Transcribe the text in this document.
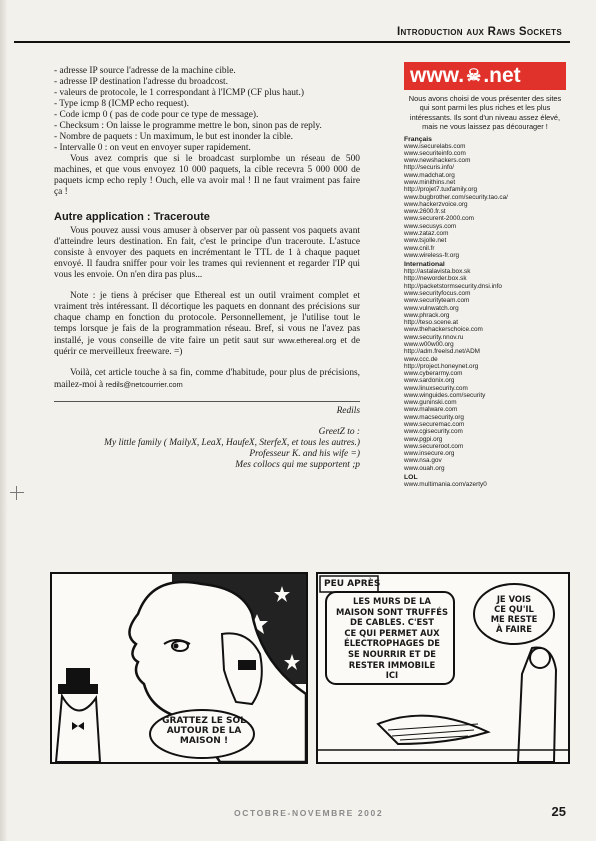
Introduction aux Raws Sockets

- adresse IP source l'adresse de la machine cible.

- adresse IP destination l'adresse du broadcost.

- valeurs de protocole, le 1 correspondant à l'ICMP (CF plus haut.)

- Type icmp 8 (ICMP echo request).

- Code icmp 0 ( pas de code pour ce type de message).

- Checksum : On laisse le programme mettre le bon, sinon pas de reply.

- Nombre de paquets : Un maximum, le but est inonder la cible.

- Intervalle 0 : on veut en envoyer super rapidement.

Vous avez compris que si le broadcast surplombe un réseau de 500 machines, et que vous envoyez 10 000 paquets, la cible recevra 5 000 000 de paquets icmp echo reply ! Ouch, elle va avoir mal ! Il ne faut vraiment pas faire ça !

Autre application : Traceroute

Vous pouvez aussi vous amuser à observer par où passent vos paquets avant d'atteindre leurs destination. En fait, c'est le principe d'un traceroute. L'astuce consiste à envoyer des paquets en incrémentant le TTL de 1 à chaque paquet envoyé. Il faudra sniffer pour voir les trames qui reviennent et regarder l'IP qui vous les envoie. On n'en dira pas plus...

Note : je tiens à préciser que Ethereal est un outil vraiment complet et vraiment très intéressant. Il décortique les paquets en donnant des précisions sur chaque champ en fonction du protocole. Personnellement, je l'utilise tout le temps lorsque je fais de la programmation réseau. Bref, si vous ne l'avez pas installé, je vous conseille de vite faire un petit saut sur www.ethereal.org et de quérir ce merveilleux freeware. =)

Voilà, cet article touche à sa fin, comme d'habitude, pour plus de précisions, mailez-moi à redils@netcourrier.com

Redils

GreetZ to :

My little family ( MailyX, LeaX, HaufeX, SterfeX, et tous les autres.)

Professeur K. and his wife =)

Mes collocs qui me supportent ;p

www. ☠ .net
Nous avons choisi de vous présenter des sites qui sont parmi les plus riches et les plus intéressants. Ils sont d'un niveau assez élevé, mais ne vous laissez pas décourager !
Français
www.isecurelabs.com
www.securiteinfo.com
www.newshackers.com
http://securis.info/
www.madchat.org
www.minithins.net
http://projet7.tuxfamily.org
www.bugbrother.com/security.tao.ca/
www.hackerzvoice.org
www.2600.fr.st
www.securent-2000.com
www.secusys.com
www.zataz.com
www.tsjolle.net
www.cnil.fr
www.wireless-fr.org
International
http://astalavista.box.sk
http://neworder.box.sk
http://packetstormsecurity.dnsi.info
www.securityfocus.com
www.securityteam.com
www.vulnwatch.org
www.phrack.org
http://teso.scene.at
www.thehackerschoice.com
www.security.nnov.ru
www.w00w00.org
http://adm.freelsd.net/ADM
www.ccc.de
http://project.honeynet.org
www.cyberarmy.com
www.sardonix.org
www.linuxsecurity.com
www.winguides.com/security
www.guninski.com
www.malware.com
www.macsecurity.org
www.securemac.com
www.cgisecurity.com
www.pgpi.org
www.secureroot.com
www.insecure.org
www.nsa.gov
www.ouah.org
LOL
www.multimania.com/azerty0
GRATTEZ LE SOL
AUTOUR DE LA
MAISON !
PEU APRÈS
LES MURS DE LA
MAISON SONT TRUFFÉS
DE CABLES. C'EST
CE QUI PERMET AUX
ÉLECTROPHAGES DE
SE NOURRIR ET DE
RESTER IMMOBILE
ICI
JE VOIS
CE QU'IL
ME RESTE
À FAIRE
OCTOBRE-NOVEMBRE 2002	25
